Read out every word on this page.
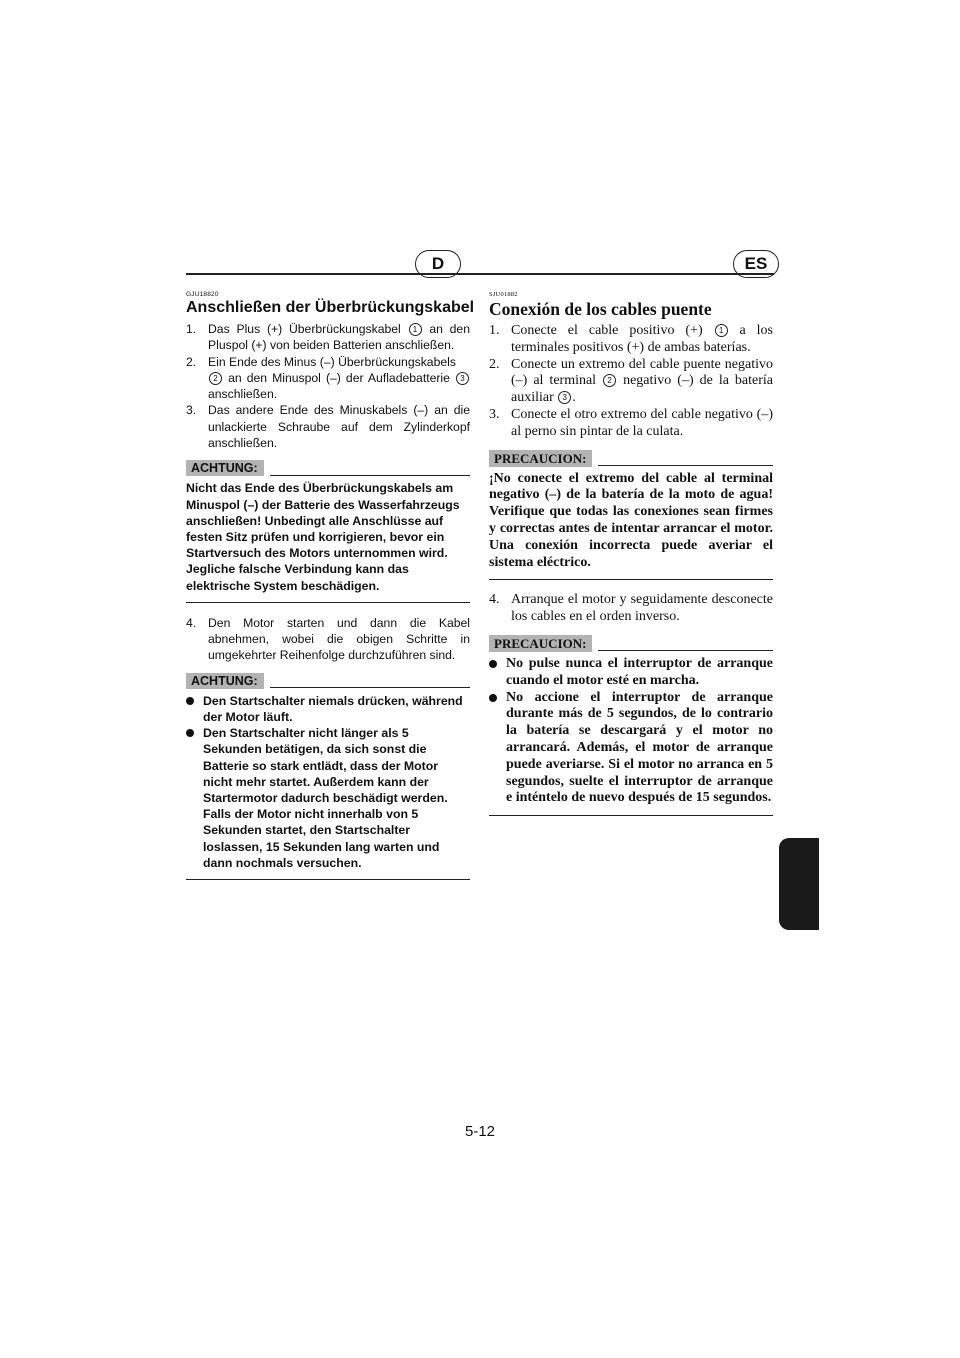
D	ES
GJU18820
Anschließen der Überbrückungskabel
1. Das Plus (+) Überbrückungskabel 1 an den Pluspol (+) von beiden Batterien anschließen.
2. Ein Ende des Minus (–) Überbrückungskabels
2 an den Minuspol (–) der Aufladebatterie 3 anschließen.
3. Das andere Ende des Minuskabels (–) an die unlackierte Schraube auf dem Zylinderkopf anschließen.
ACHTUNG:
Nicht das Ende des Überbrückungskabels am Minuspol (–) der Batterie des Wasserfahrzeugs anschließen! Unbedingt alle Anschlüsse auf festen Sitz prüfen und korrigieren, bevor ein Startversuch des Motors unternommen wird. Jegliche falsche Verbindung kann das elektrische System beschädigen.
4. Den Motor starten und dann die Kabel abnehmen, wobei die obigen Schritte in umgekehrter Reihenfolge durchzuführen sind.
ACHTUNG:
Den Startschalter niemals drücken, während der Motor läuft.
Den Startschalter nicht länger als 5 Sekunden betätigen, da sich sonst die Batterie so stark entlädt, dass der Motor nicht mehr startet. Außerdem kann der Startermotor dadurch beschädigt werden. Falls der Motor nicht innerhalb von 5 Sekunden startet, den Startschalter loslassen, 15 Sekunden lang warten und dann nochmals versuchen.
SJU01882
Conexión de los cables puente
1. Conecte el cable positivo (+) 1 a los terminales positivos (+) de ambas baterías.
2. Conecte un extremo del cable puente negativo (–) al terminal 2 negativo (–) de la batería auxiliar 3 .
3. Conecte el otro extremo del cable negativo (–) al perno sin pintar de la culata.
PRECAUCION:
¡No conecte el extremo del cable al terminal negativo (–) de la batería de la moto de agua! Verifique que todas las conexiones sean firmes y correctas antes de intentar arrancar el motor. Una conexión incorrecta puede averiar el sistema eléctrico.
4. Arranque el motor y seguidamente desconecte los cables en el orden inverso.
PRECAUCION:
No pulse nunca el interruptor de arranque cuando el motor esté en marcha.
No accione el interruptor de arranque durante más de 5 segundos, de lo contrario la batería se descargará y el motor no arrancará. Además, el motor de arranque puede averiarse. Si el motor no arranca en 5 segundos, suelte el interruptor de arranque e inténtelo de nuevo después de 15 segundos.
5-12
